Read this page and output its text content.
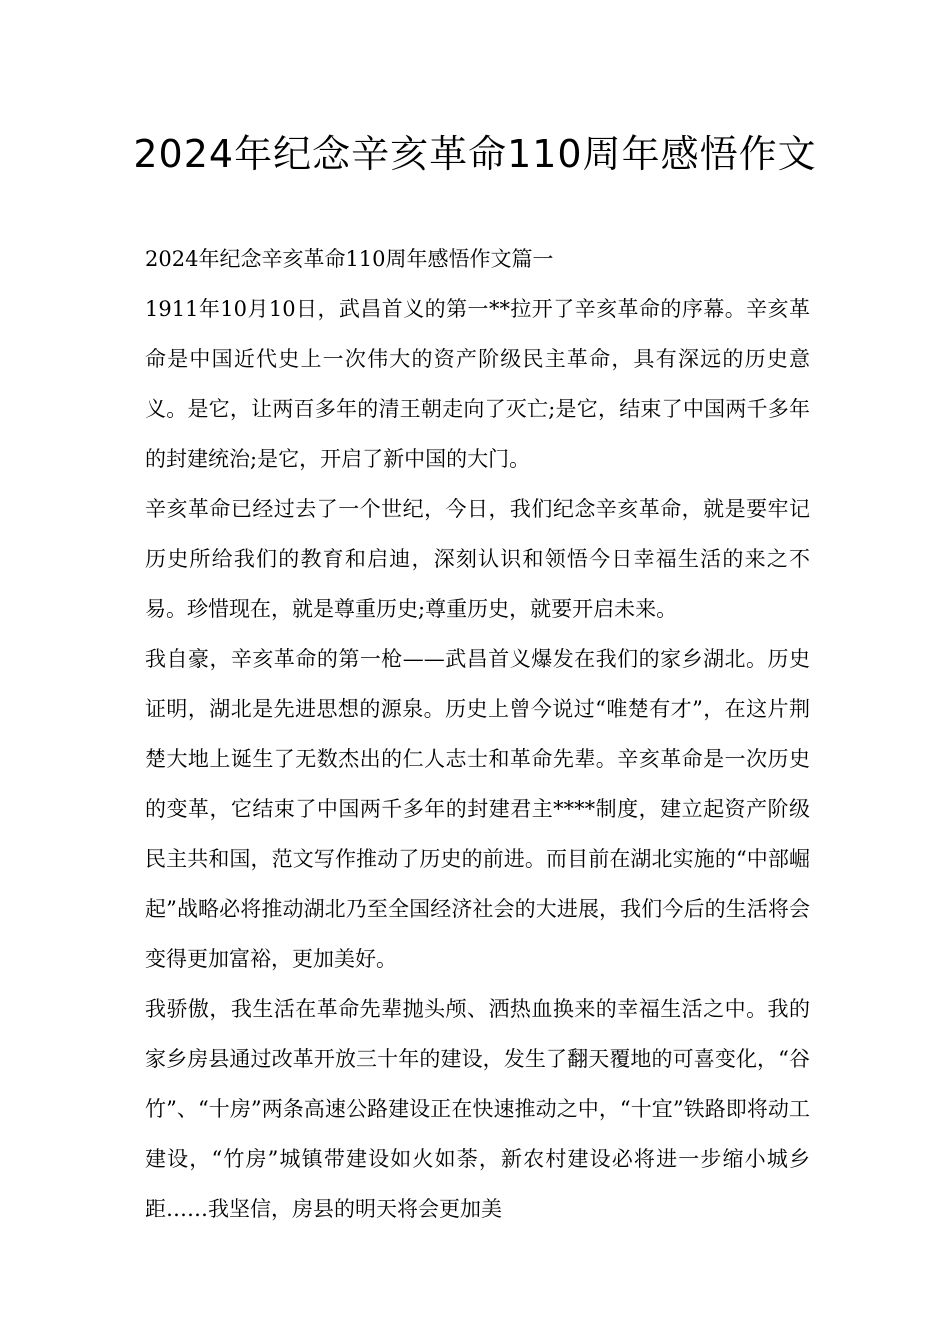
2024年纪念辛亥革命110周年感悟作文

2024年纪念辛亥革命110周年感悟作文篇一

1911年10月10日，武昌首义的第一**拉开了辛亥革命的序幕。辛亥革命是中国近代史上一次伟大的资产阶级民主革命，具有深远的历史意义。是它，让两百多年的清王朝走向了灭亡;是它，结束了中国两千多年的封建统治;是它，开启了新中国的大门。

辛亥革命已经过去了一个世纪，今日，我们纪念辛亥革命，就是要牢记历史所给我们的教育和启迪，深刻认识和领悟今日幸福生活的来之不易。珍惜现在，就是尊重历史;尊重历史，就要开启未来。

我自豪，辛亥革命的第一枪——武昌首义爆发在我们的家乡湖北。历史证明，湖北是先进思想的源泉。历史上曾今说过“唯楚有才”，在这片荆楚大地上诞生了无数杰出的仁人志士和革命先辈。辛亥革命是一次历史的变革，它结束了中国两千多年的封建君主****制度，建立起资产阶级民主共和国，范文写作推动了历史的前进。而目前在湖北实施的“中部崛起”战略必将推动湖北乃至全国经济社会的大进展，我们今后的生活将会变得更加富裕，更加美好。

我骄傲，我生活在革命先辈抛头颅、洒热血换来的幸福生活之中。我的家乡房县通过改革开放三十年的建设，发生了翻天覆地的可喜变化，“谷竹”、“十房”两条高速公路建设正在快速推动之中，“十宜”铁路即将动工建设，“竹房”城镇带建设如火如荼，新农村建设必将进一步缩小城乡距……我坚信，房县的明天将会更加美
